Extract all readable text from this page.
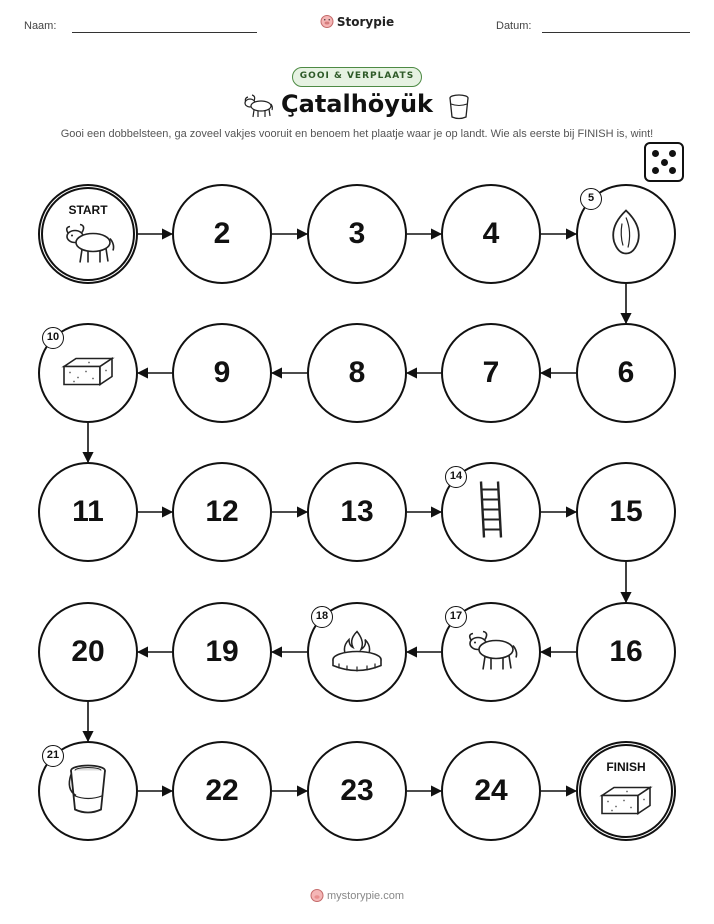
Naam:	Datum:
Storypie
GOOI & VERPLAATS
Çatalhöyük
Gooi een dobbelsteen, ga zoveel vakjes vooruit en benoem het plaatje waar je op landt. Wie als eerste bij FINISH is, wint!
START
2	3	4
5
6
7
8
9
10
11	12	13
14
15
16
17
18
19
20
21
22	23	24
FINISH
mystorypie.com
